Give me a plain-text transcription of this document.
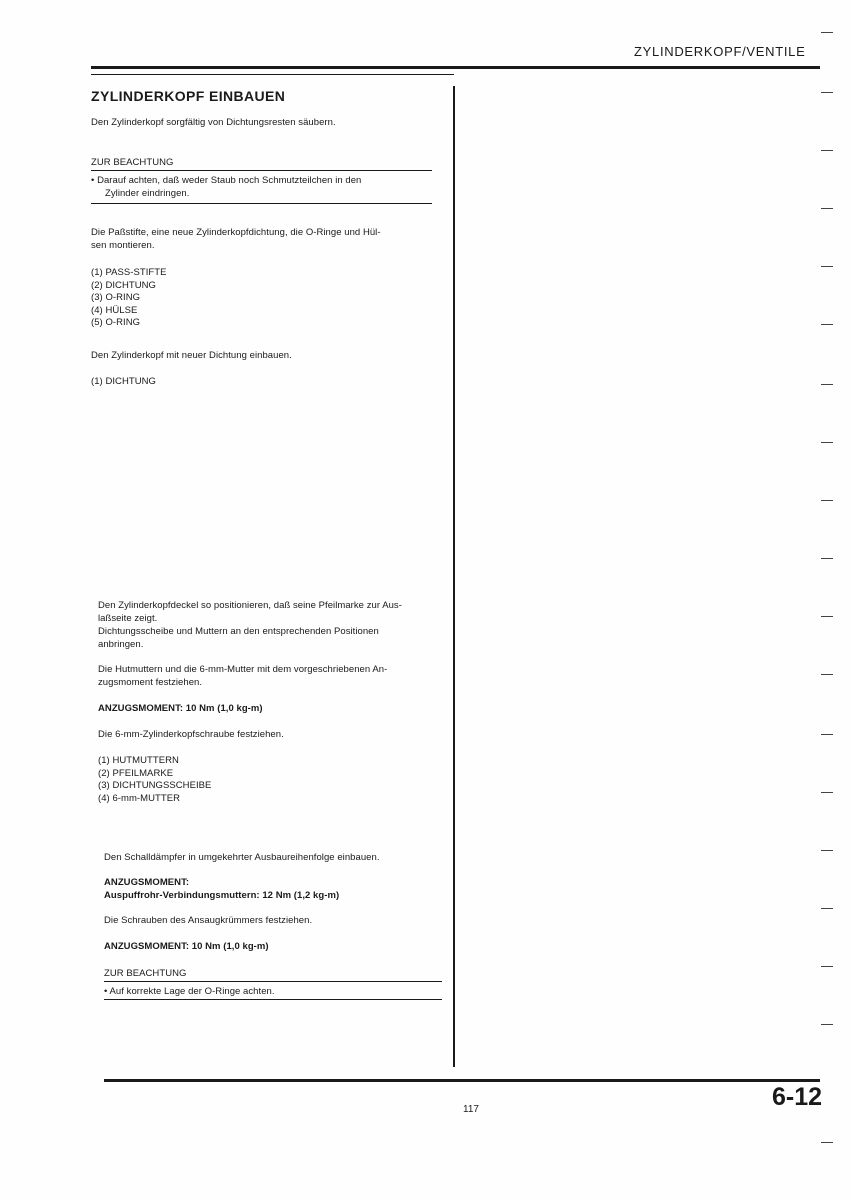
ZYLINDERKOPF/VENTILE
ZYLINDERKOPF EINBAUEN
Den Zylinderkopf sorgfältig von Dichtungsresten säubern.
ZUR BEACHTUNG
• Darauf achten, daß weder Staub noch Schmutzteilchen in den
Zylinder eindringen.
Die Paßstifte, eine neue Zylinderkopfdichtung, die O-Ringe und Hül-
sen montieren.
(1) PASS-STIFTE
(2) DICHTUNG
(3) O-RING
(4) HÜLSE
(5) O-RING
Den Zylinderkopf mit neuer Dichtung einbauen.
(1) DICHTUNG
Den Zylinderkopfdeckel so positionieren, daß seine Pfeilmarke zur Aus-
laßseite zeigt.
Dichtungsscheibe und Muttern an den entsprechenden Positionen
anbringen.
Die Hutmuttern und die 6-mm-Mutter mit dem vorgeschriebenen An-
zugsmoment festziehen.
ANZUGSMOMENT: 10 Nm (1,0 kg-m)
Die 6-mm-Zylinderkopfschraube festziehen.
(1) HUTMUTTERN
(2) PFEILMARKE
(3) DICHTUNGSSCHEIBE
(4) 6-mm-MUTTER
Den Schalldämpfer in umgekehrter Ausbaureihenfolge einbauen.
ANZUGSMOMENT:
Auspuffrohr-Verbindungsmuttern: 12 Nm (1,2 kg-m)
Die Schrauben des Ansaugkrümmers festziehen.
ANZUGSMOMENT: 10 Nm (1,0 kg-m)
ZUR BEACHTUNG
• Auf korrekte Lage der O-Ringe achten.
117	6-12
